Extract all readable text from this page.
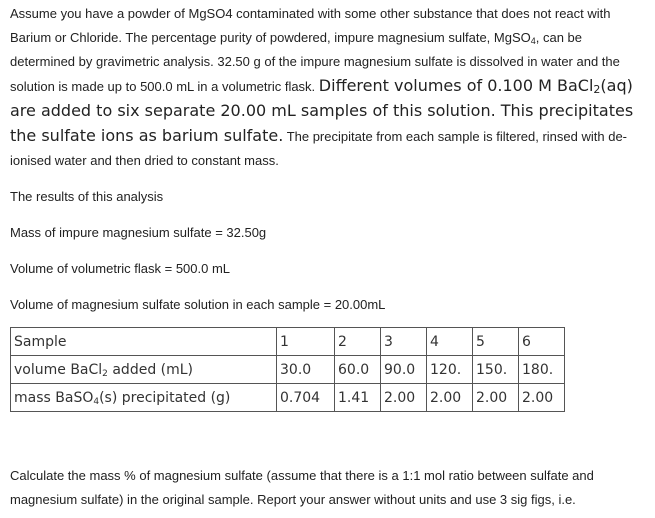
Assume you have a powder of MgSO4 contaminated with some other substance that does not react with Barium or Chloride. The percentage purity of powdered, impure magnesium sulfate, MgSO$_4$, can be determined by gravimetric analysis. 32.50 g of the impure magnesium sulfate is dissolved in water and the solution is made up to 500.0 mL in a volumetric flask. Different volumes of 0.100 M BaCl$_2$(aq) are added to six separate 20.00 mL samples of this solution. This precipitates the sulfate ions as barium sulfate. The precipitate from each sample is filtered, rinsed with de-ionised water and then dried to constant mass.

The results of this analysis
Mass of impure magnesium sulfate = 32.50g
Volume of volumetric flask = 500.0 mL
Volume of magnesium sulfate solution in each sample = 20.00mL
Sample	1	2	3	4	5	6
volume BaCl$_2$ added (mL)	30.0	60.0	90.0	120.	150.	180.
mass BaSO$_4$(s) precipitated (g)	0.704	1.41	2.00	2.00	2.00	2.00

Calculate the mass % of magnesium sulfate (assume that there is a 1:1 mol ratio between sulfate and magnesium sulfate) in the original sample. Report your answer without units and use 3 sig figs, i.e.
